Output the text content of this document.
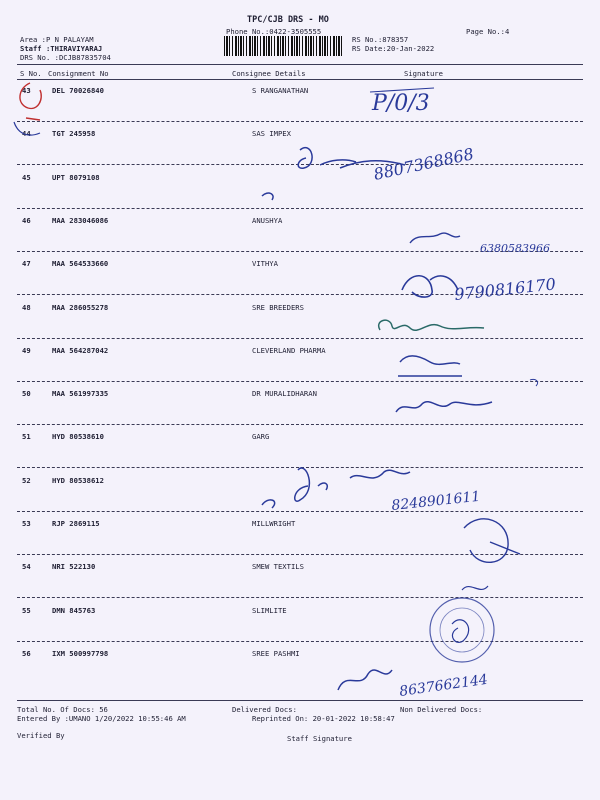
TPC/CJB DRS - MO
Phone No.:0422-3505555	Page No.:4
Area :P N PALAYAM
Staff :THIRAVIYARAJ
DRS No. :DCJB87835704
RS No.:878357
RS Date:20-Jan-2022
S No. Consignment No	Consignee Details	Signature
43	DEL 70026840	S RANGANATHAN
44	TGT 245958	SAS IMPEX
45	UPT 8079108
46	MAA 283046086	ANUSHYA
47	MAA 564533660	VITHYA
48	MAA 286055278	SRE BREEDERS
49	MAA 564287042	CLEVERLAND PHARMA
50	MAA 561997335	DR MURALIDHARAN
51	HYD 80538610	GARG
52	HYD 80538612
53	RJP 2869115	MILLWRIGHT
54	NRI 522130	SMEW TEXTILS
55	DMN 845763	SLIMLITE
56	IXM 500997798	SREE PASHMI
P/0/3
8807368868
6380583966
9790816170
8248901611
8637662144
Total No. Of Docs: 56	Delivered Docs:	Non Delivered Docs:
Entered By :UMANO 1/20/2022 10:55:46 AM	Reprinted On: 20-01-2022 10:58:47
Verified By	Staff Signature
